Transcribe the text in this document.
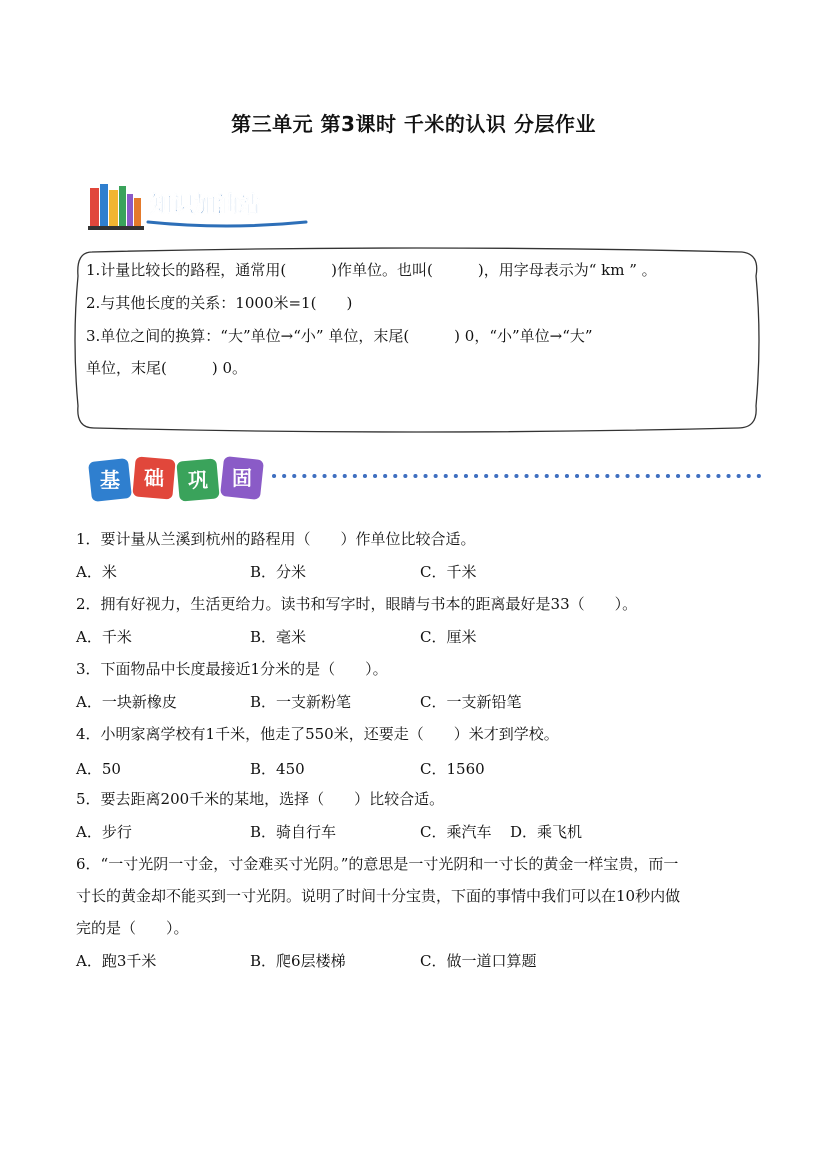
第三单元 第3课时 千米的认识 分层作业
知识加油站
1.计量比较长的路程，通常用(　　　)作单位。也叫(　　　)，用字母表示为“ km ” 。
2.与其他长度的关系：1000米=1(　　)
3.单位之间的换算：“大”单位→“小” 单位，末尾(　　　) 0，“小”单位→“大”
单位，末尾(　　　) 0。
基 础 巩 固
1．要计量从兰溪到杭州的路程用（　　）作单位比较合适。
A．米	B．分米	C．千米
2．拥有好视力，生活更给力。读书和写字时，眼睛与书本的距离最好是33（　　）。
A．千米	B．毫米	C．厘米
3．下面物品中长度最接近1分米的是（　　）。
A．一块新橡皮	B．一支新粉笔	C．一支新铅笔
4．小明家离学校有1千米，他走了550米，还要走（　　）米才到学校。
A．50	B．450	C．1560
5．要去距离200千米的某地，选择（　　）比较合适。
A．步行	B．骑自行车	C．乘汽车 D．乘飞机
6．“一寸光阴一寸金，寸金难买寸光阴。”的意思是一寸光阴和一寸长的黄金一样宝贵，而一
寸长的黄金却不能买到一寸光阴。说明了时间十分宝贵，下面的事情中我们可以在10秒内做
完的是（　　）。
A．跑3千米	B．爬6层楼梯	C．做一道口算题
